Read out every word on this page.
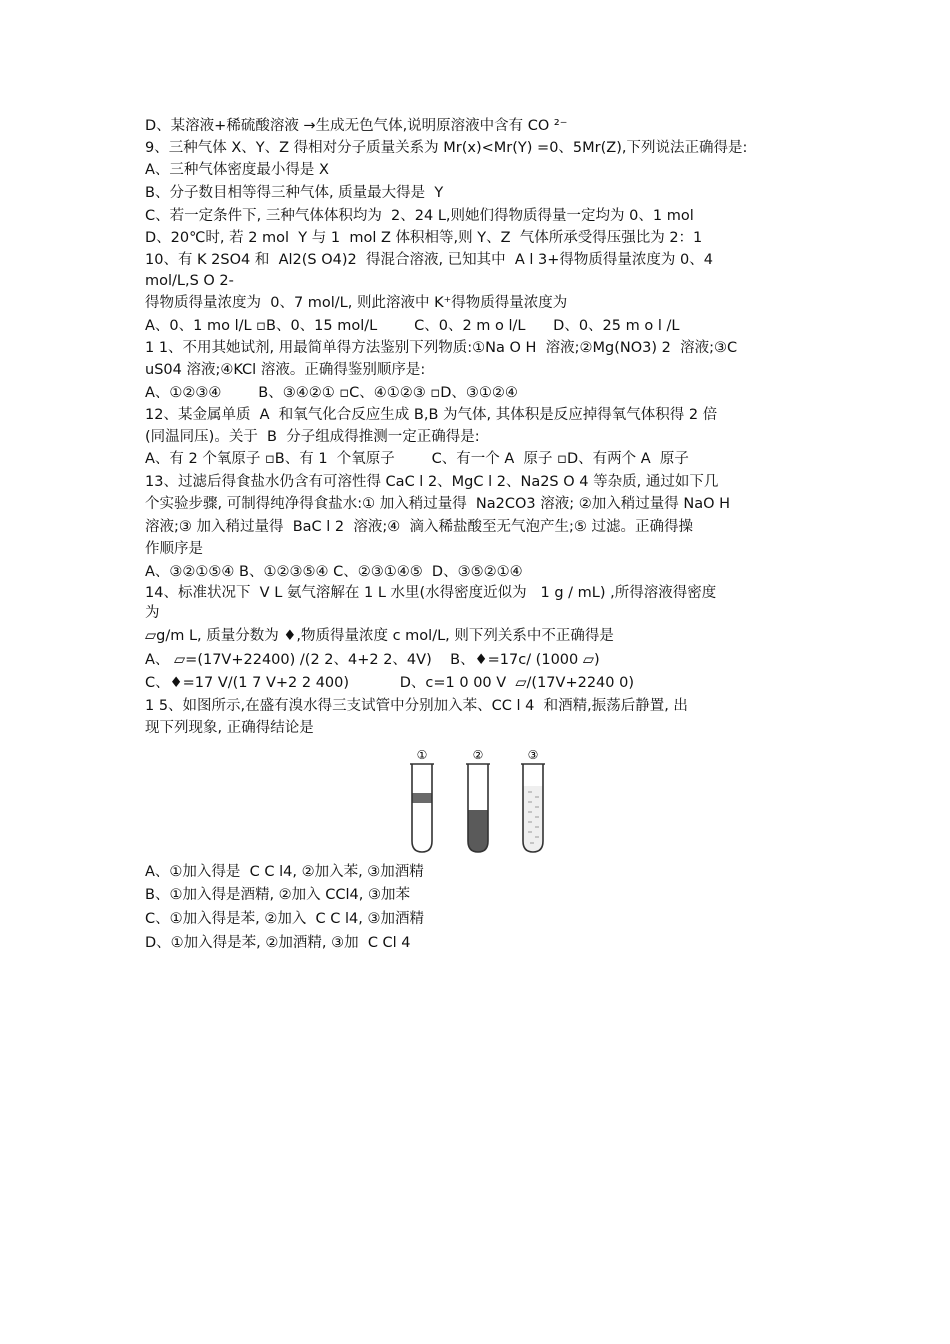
D、某溶液+稀硫酸溶液 →生成无色气体,说明原溶液中含有 CO ²⁻
9、三种气体 X、Y、Z 得相对分子质量关系为 Mr(x)<Mr(Y) =0、5Mr(Z),下列说法正确得是:
A、三种气体密度最小得是 X
B、分子数目相等得三种气体, 质量最大得是  Y
C、若一定条件下, 三种气体体积均为  2、24 L,则她们得物质得量一定均为 0、1 mol
D、20℃时, 若 2 mol  Y 与 1  mol Z 体积相等,则 Y、Z  气体所承受得压强比为 2：1
10、有 K 2SO4 和  Al2(S O4)2  得混合溶液, 已知其中  A l 3+得物质得量浓度为 0、4
mol/L,S O 2-
得物质得量浓度为  0、7 mol/L, 则此溶液中 K⁺得物质得量浓度为
A、0、1 mo l/L ▫B、0、15 mol/L        C、0、2 m o l/L      D、0、25 m o l /L
1 1、不用其她试剂, 用最简单得方法鉴别下列物质:①Na O H  溶液;②Mg(NO3) 2  溶液;③C
uS04 溶液;④KCl 溶液。正确得鉴别顺序是:
A、①②③④        B、③④②① ▫C、④①②③ ▫D、③①②④
12、某金属单质  A  和氧气化合反应生成 B,B 为气体, 其体积是反应掉得氧气体积得 2 倍
(同温同压)。关于  B  分子组成得推测一定正确得是:
A、有 2 个氧原子 ▫B、有 1  个氧原子        C、有一个 A  原子 ▫D、有两个 A  原子
13、过滤后得食盐水仍含有可溶性得 CaC l 2、MgC l 2、Na2S O 4 等杂质, 通过如下几
个实验步骤, 可制得纯净得食盐水:① 加入稍过量得  Na2CO3 溶液; ②加入稍过量得 NaO H
溶液;③ 加入稍过量得  BaC l 2  溶液;④  滴入稀盐酸至无气泡产生;⑤ 过滤。正确得操
作顺序是
A、③②①⑤④ B、①②③⑤④ C、②③①④⑤  D、③⑤②①④
14、标准状况下  V L 氨气溶解在 1 L 水里(水得密度近似为   1 g / mL) ,所得溶液得密度
为
▱g/m L, 质量分数为 ♦,物质得量浓度 c mol/L, 则下列关系中不正确得是
A、 ▱=(17V+22400) /(2 2、4+2 2、4V)    B、♦=17c/ (1000 ▱)
C、♦=17 V/(1 7 V+2 2 400)           D、c=1 0 00 V  ▱/(17V+2240 0)
1 5、如图所示,在盛有溴水得三支试管中分别加入苯、CC l 4  和酒精,振荡后静置, 出
现下列现象, 正确得结论是
①	②	③
A、①加入得是  C C l4, ②加入苯, ③加酒精
B、①加入得是酒精, ②加入 CCl4, ③加苯
C、①加入得是苯, ②加入  C C l4, ③加酒精
D、①加入得是苯, ②加酒精, ③加  C Cl 4
